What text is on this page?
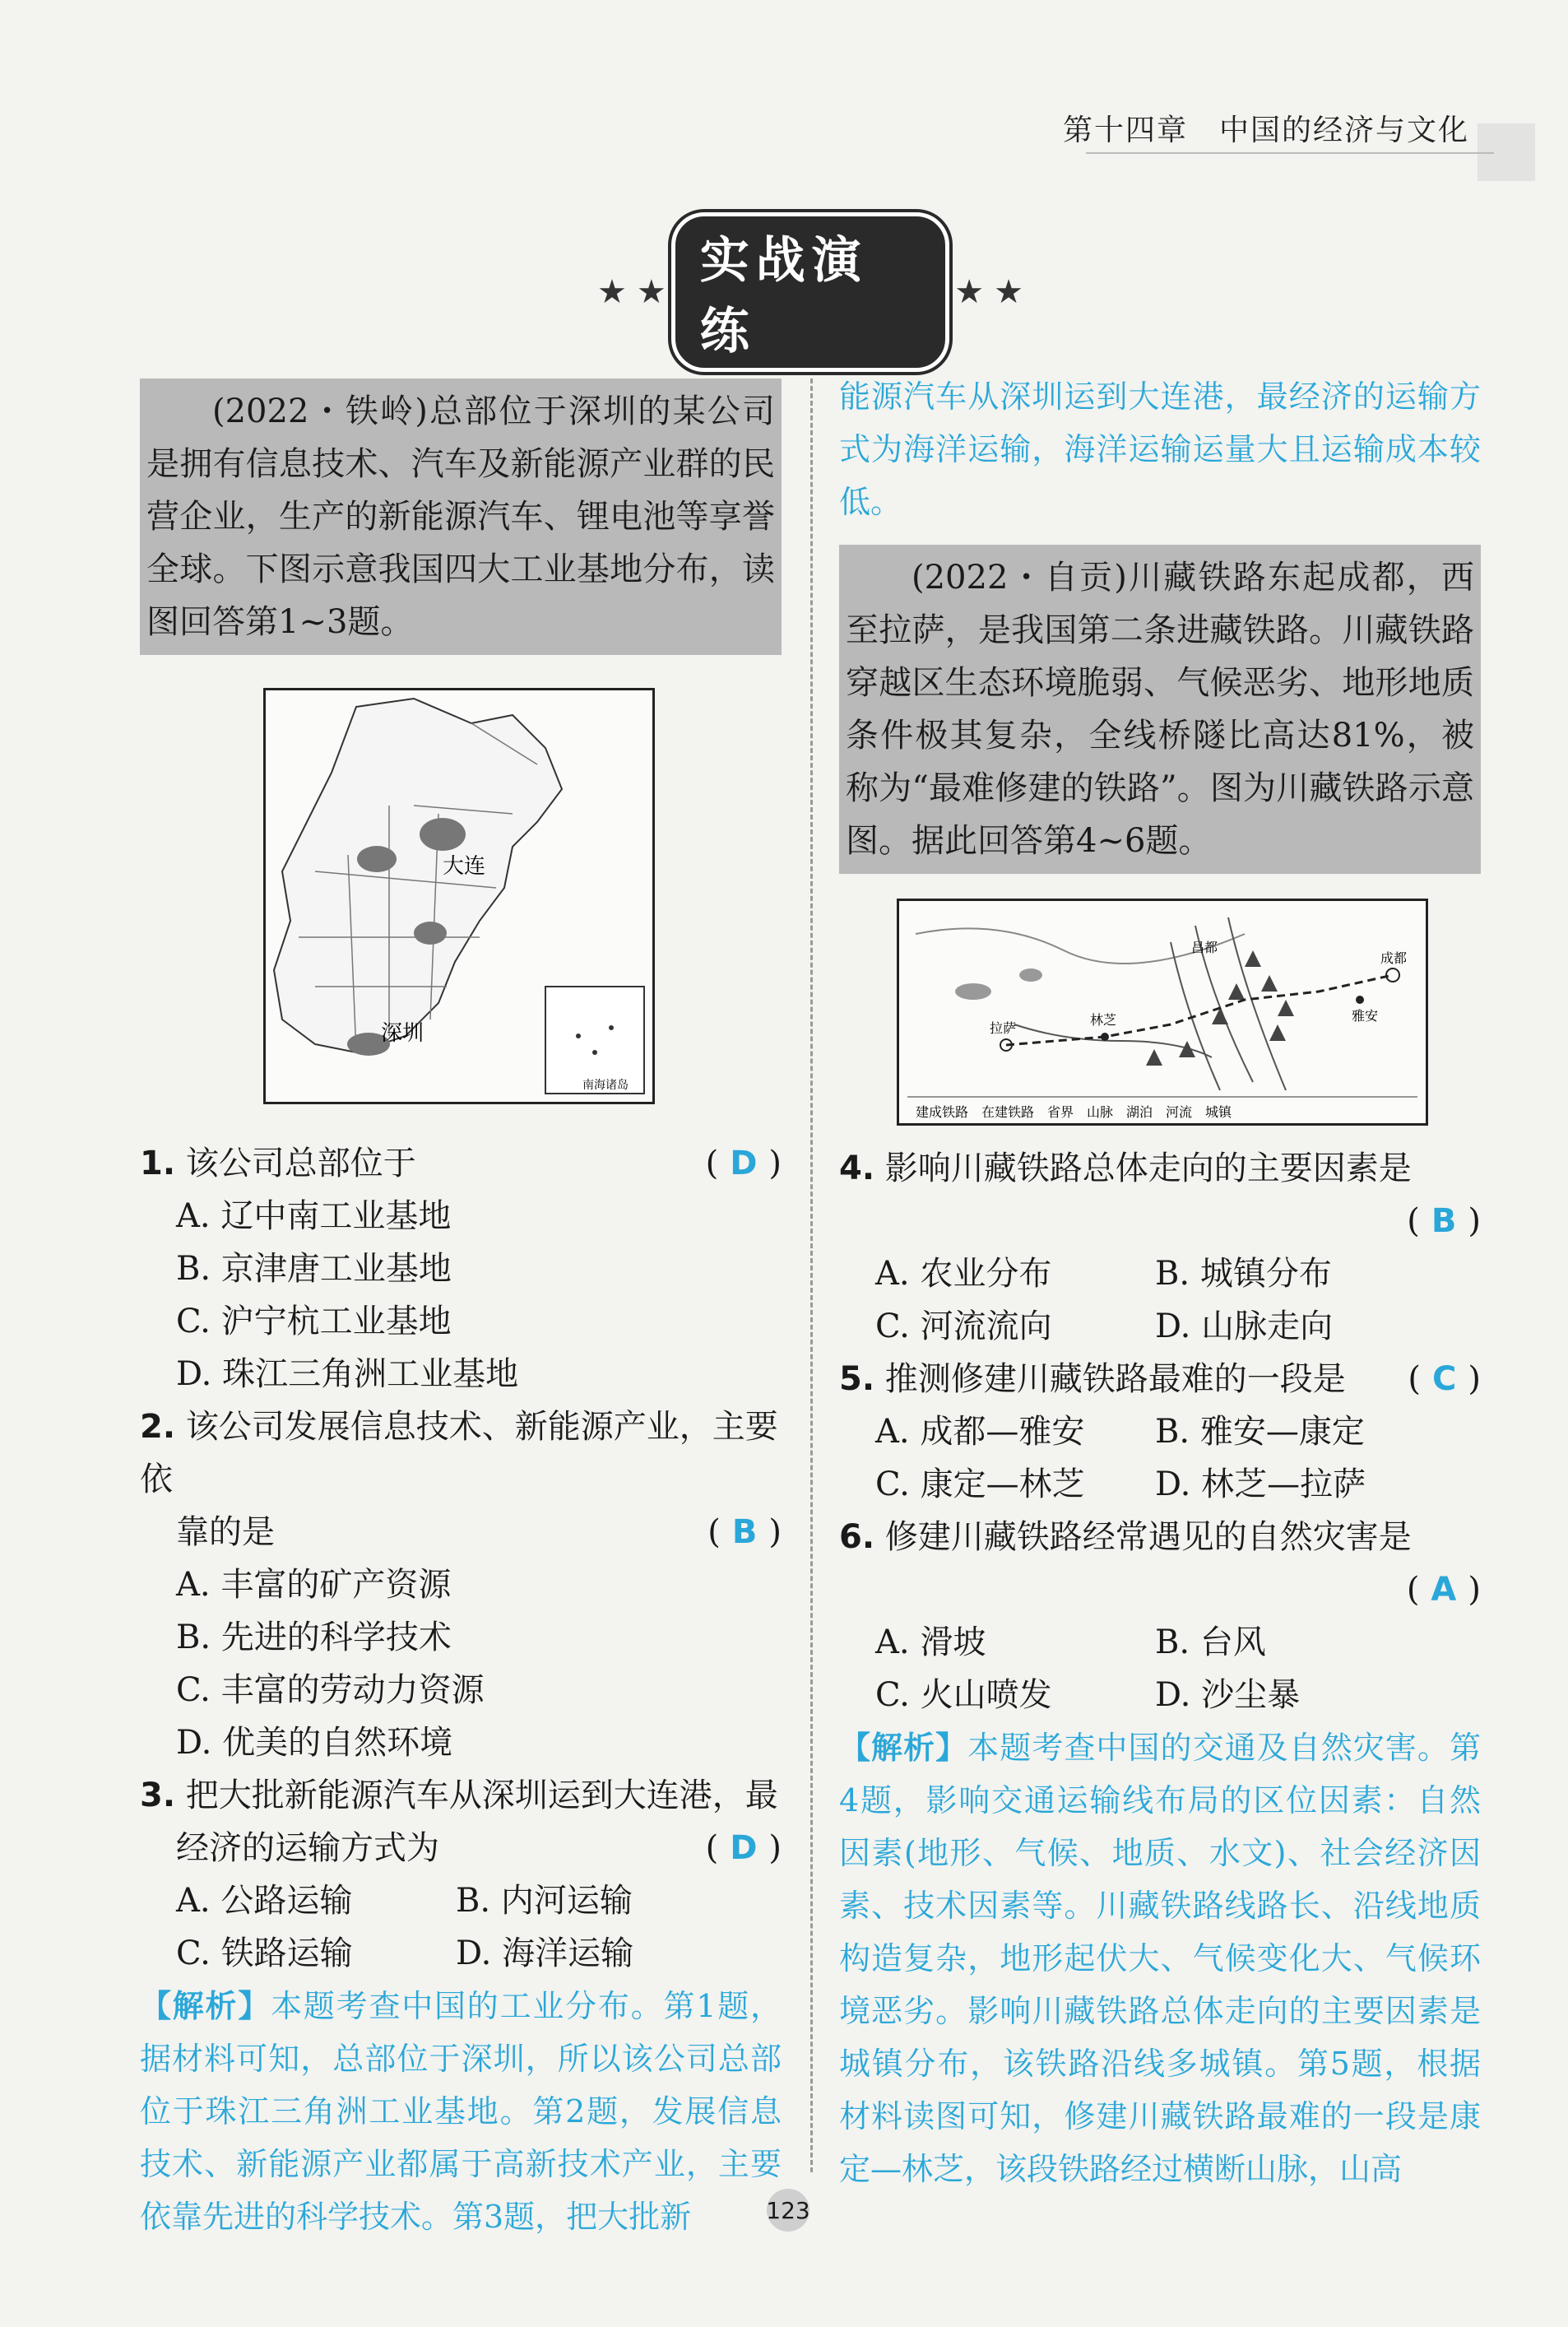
第十四章　中国的经济与文化
★ ★
实战演练
★ ★
(2022・铁岭)总部位于深圳的某公司是拥有信息技术、汽车及新能源产业群的民营企业，生产的新能源汽车、锂电池等享誉全球。下图示意我国四大工业基地分布，读图回答第1~3题。
大连
深圳
南海诸岛
1. 该公司总部位于	( D )
A. 辽中南工业基地
B. 京津唐工业基地
C. 沪宁杭工业基地
D. 珠江三角洲工业基地
2. 该公司发展信息技术、新能源产业，主要依
靠的是	( B )
A. 丰富的矿产资源
B. 先进的科学技术
C. 丰富的劳动力资源
D. 优美的自然环境
3. 把大批新能源汽车从深圳运到大连港，最
经济的运输方式为	( D )
A. 公路运输	B. 内河运输
C. 铁路运输	D. 海洋运输
【解析】本题考查中国的工业分布。第1题，据材料可知，总部位于深圳，所以该公司总部位于珠江三角洲工业基地。第2题，发展信息技术、新能源产业都属于高新技术产业，主要依靠先进的科学技术。第3题，把大批新
能源汽车从深圳运到大连港，最经济的运输方式为海洋运输，海洋运输运量大且运输成本较低。
(2022・自贡)川藏铁路东起成都，西至拉萨，是我国第二条进藏铁路。川藏铁路穿越区生态环境脆弱、气候恶劣、地形地质条件极其复杂，全线桥隧比高达81%，被称为“最难修建的铁路”。图为川藏铁路示意图。据此回答第4~6题。
拉萨
林芝
成都
雅安
昌都
建成铁路　在建铁路　省界　山脉　湖泊　河流　城镇
4. 影响川藏铁路总体走向的主要因素是
( B )
A. 农业分布	B. 城镇分布
C. 河流流向	D. 山脉走向
5. 推测修建川藏铁路最难的一段是 ( C )
A. 成都—雅安	B. 雅安—康定
C. 康定—林芝	D. 林芝—拉萨
6. 修建川藏铁路经常遇见的自然灾害是
( A )
A. 滑坡	B. 台风
C. 火山喷发	D. 沙尘暴
【解析】本题考查中国的交通及自然灾害。第4题，影响交通运输线布局的区位因素：自然因素(地形、气候、地质、水文)、社会经济因素、技术因素等。川藏铁路线路长、沿线地质构造复杂，地形起伏大、气候变化大、气候环境恶劣。影响川藏铁路总体走向的主要因素是城镇分布，该铁路沿线多城镇。第5题，根据材料读图可知，修建川藏铁路最难的一段是康定—林芝，该段铁路经过横断山脉，山高
123
